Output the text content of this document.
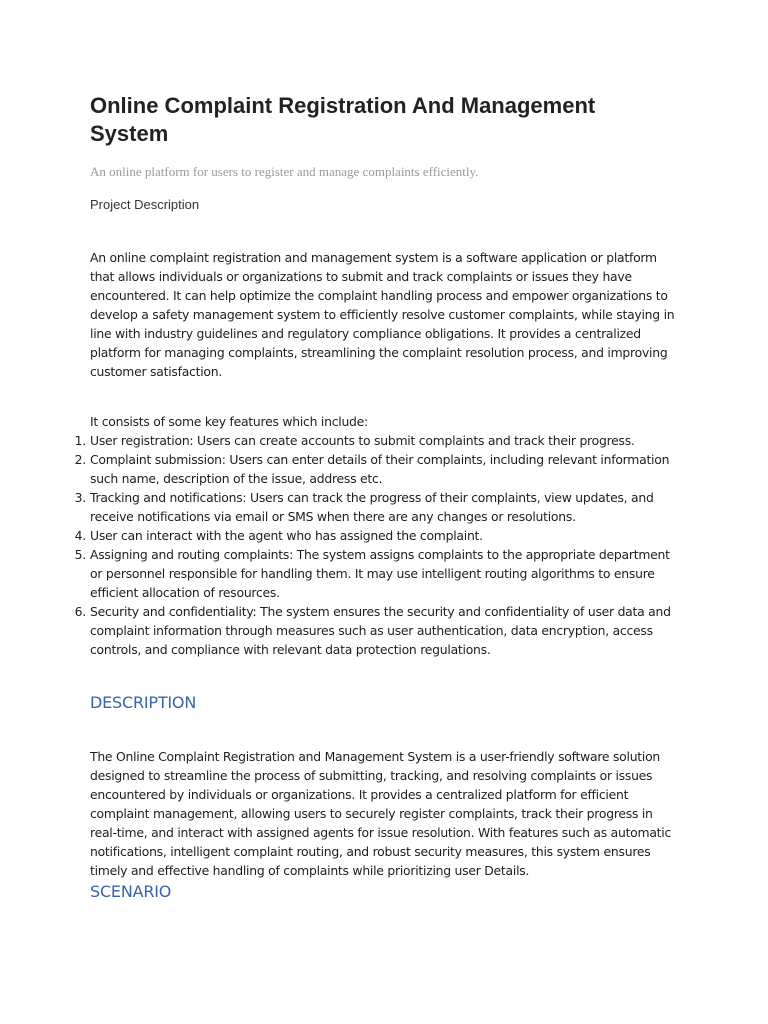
Online Complaint Registration And Management System

An online platform for users to register and manage complaints efficiently.

Project Description

An online complaint registration and management system is a software application or platform that allows individuals or organizations to submit and track complaints or issues they have encountered. It can help optimize the complaint handling process and empower organizations to develop a safety management system to efficiently resolve customer complaints, while staying in line with industry guidelines and regulatory compliance obligations. It provides a centralized platform for managing complaints, streamlining the complaint resolution process, and improving customer satisfaction.

It consists of some key features which include:

User registration: Users can create accounts to submit complaints and track their progress.
Complaint submission: Users can enter details of their complaints, including relevant information such name, description of the issue, address etc.
Tracking and notifications: Users can track the progress of their complaints, view updates, and receive notifications via email or SMS when there are any changes or resolutions.
User can interact with the agent who has assigned the complaint.
Assigning and routing complaints: The system assigns complaints to the appropriate department or personnel responsible for handling them. It may use intelligent routing algorithms to ensure efficient allocation of resources.
Security and confidentiality: The system ensures the security and confidentiality of user data and complaint information through measures such as user authentication, data encryption, access controls, and compliance with relevant data protection regulations.
DESCRIPTION

The Online Complaint Registration and Management System is a user-friendly software solution designed to streamline the process of submitting, tracking, and resolving complaints or issues encountered by individuals or organizations. It provides a centralized platform for efficient complaint management, allowing users to securely register complaints, track their progress in real-time, and interact with assigned agents for issue resolution. With features such as automatic notifications, intelligent complaint routing, and robust security measures, this system ensures timely and effective handling of complaints while prioritizing user Details.

SCENARIO
